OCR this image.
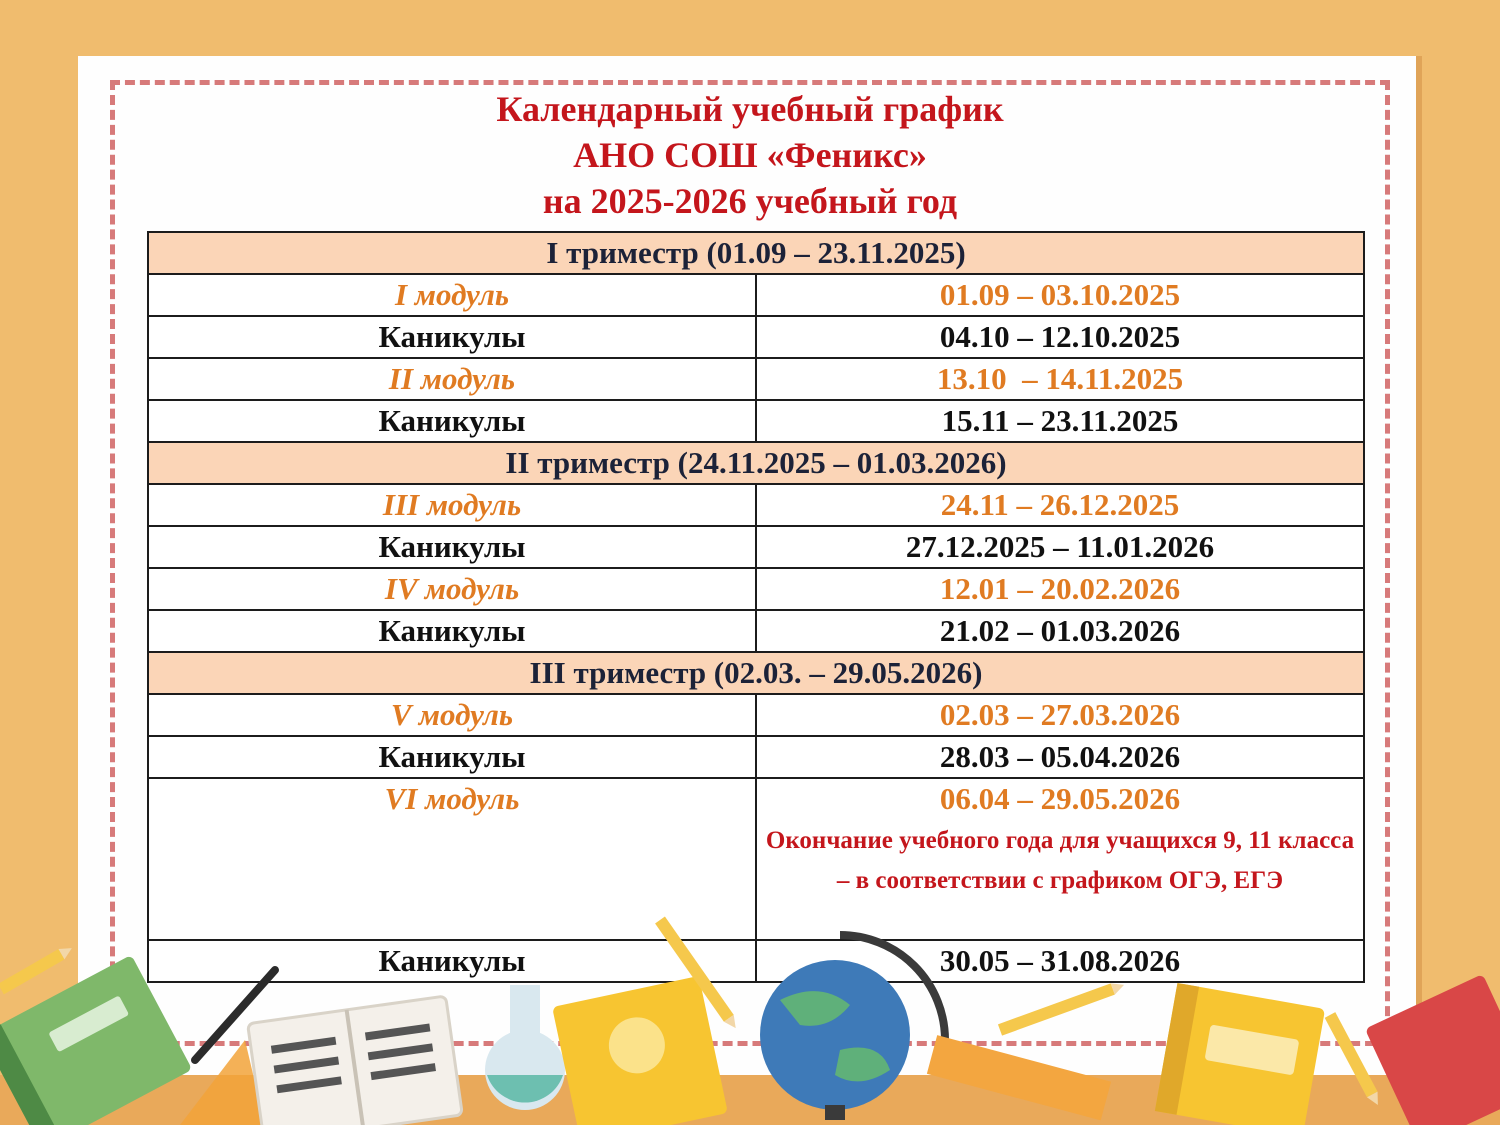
Календарный учебный график
АНО СОШ «Феникс»
на 2025-2026 учебный год
I триместр (01.09 – 23.11.2025)	
I модуль	01.09 – 03.10.2025
Каникулы	04.10 – 12.10.2025
II модуль	13.10  – 14.11.2025
Каникулы	15.11 – 23.11.2025
II триместр (24.11.2025 – 01.03.2026)	
III модуль	24.11 – 26.12.2025
Каникулы	27.12.2025 – 11.01.2026
IV модуль	12.01 – 20.02.2026
Каникулы	21.02 – 01.03.2026
III триместр (02.03. – 29.05.2026)	
V модуль	02.03 – 27.03.2026
Каникулы	28.03 – 05.04.2026
VI модуль	06.04 – 29.05.2026
Окончание учебного года для учащихся 9, 11 класса – в соответствии с графиком ОГЭ, ЕГЭ

Каникулы	30.05 – 31.08.2026
